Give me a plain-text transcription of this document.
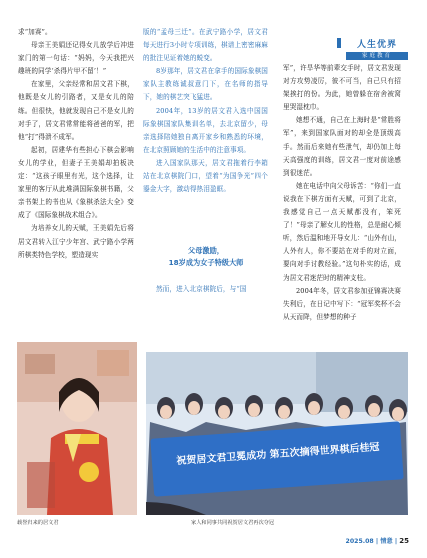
人生优界
家庭教育

求“加赛”。

母亲王美娟还记得女儿放学后冲进家门的第一句话：“妈妈，今天我把兴趣班的同学‘杀得片甲不留’！”

在家里，父亲经常和居文君下棋，他既是女儿的引路者，又是女儿的陪练。但很快，他就发现自己不是女儿的对手了，居文君常常能将爸爸的军，把他“打”得溃不成军。

起初，居建华有些担心下棋会影响女儿的学业，但妻子王美娟却拍板决定：“这孩子眼里有光，这个选择，让家里的客厅从此堆满国际象棋书籍，父亲书架上的书也从《象棋杀法大全》变成了《国际象棋战术组合》。

为培养女儿的天赋，王美娟先后将居文君转入江宁少年宫、武宁路小学两所棋类特色学校，塑造现实

版的“孟母三迁”。在武宁路小学，居文君每天进行3小时专项训练，棋谱上密密麻麻的批注见证着她的蜕变。

8岁那年，居文君在拿手的国际象棋国家队主教练诚叔意门下，在名师的指导下，她的棋艺突飞猛进。

2004年，13岁的居文君入选中国国际象棋国家队集训名单，去北京留少，母亲选择陪她独自离开家乡和熟悉的环境，在北京照顾她的生活中的注意事项。

进入国家队那天，居文君拖着行李箱站在北京棋院门口，望着“为国争光”四个鎏金大字，激动得热泪盈眶。

父母激励，
18岁成为女子特级大师

然而，进入北京棋院后，与“国

军”，许旱华等前辈交手时，居文君发现对方攻势凌厉，彼不可当，自己只有招架挨打的份。为此，她曾躲在宿舍被窝里哭湿枕巾。

她想不通，自己在上海时是“常胜将军”，来到国家队面对的却全是顶级高手。然而后来她有些泄气，却仍加上每天高强度的训练，居文君一度对前途感到很迷茫。

她在电话中向父母诉苦：“你们一直说我在下棋方面有天赋，可到了北京，我感觉自己一点天赋都没有，笨死了！”母亲了解女儿的性格，总是耐心倾听，然后温和地开导女儿：“山外有山，人外有人，你不要站在对手的对立面，要向对手讨教经验。”这句朴实的话，成为居文君迷茫时的精神支柱。

2004年冬，居文君参加亚锦赛决赛失利后，在日记中写下：“冠军奖杯不会从天而降，但梦想的种子

祝贺居文君卫冕成功 第五次摘得世界棋后桂冠
载誉归来的居文君	家人和同事共同祝贺居文君再次夺冠
2025.08 | 情意 | 25
